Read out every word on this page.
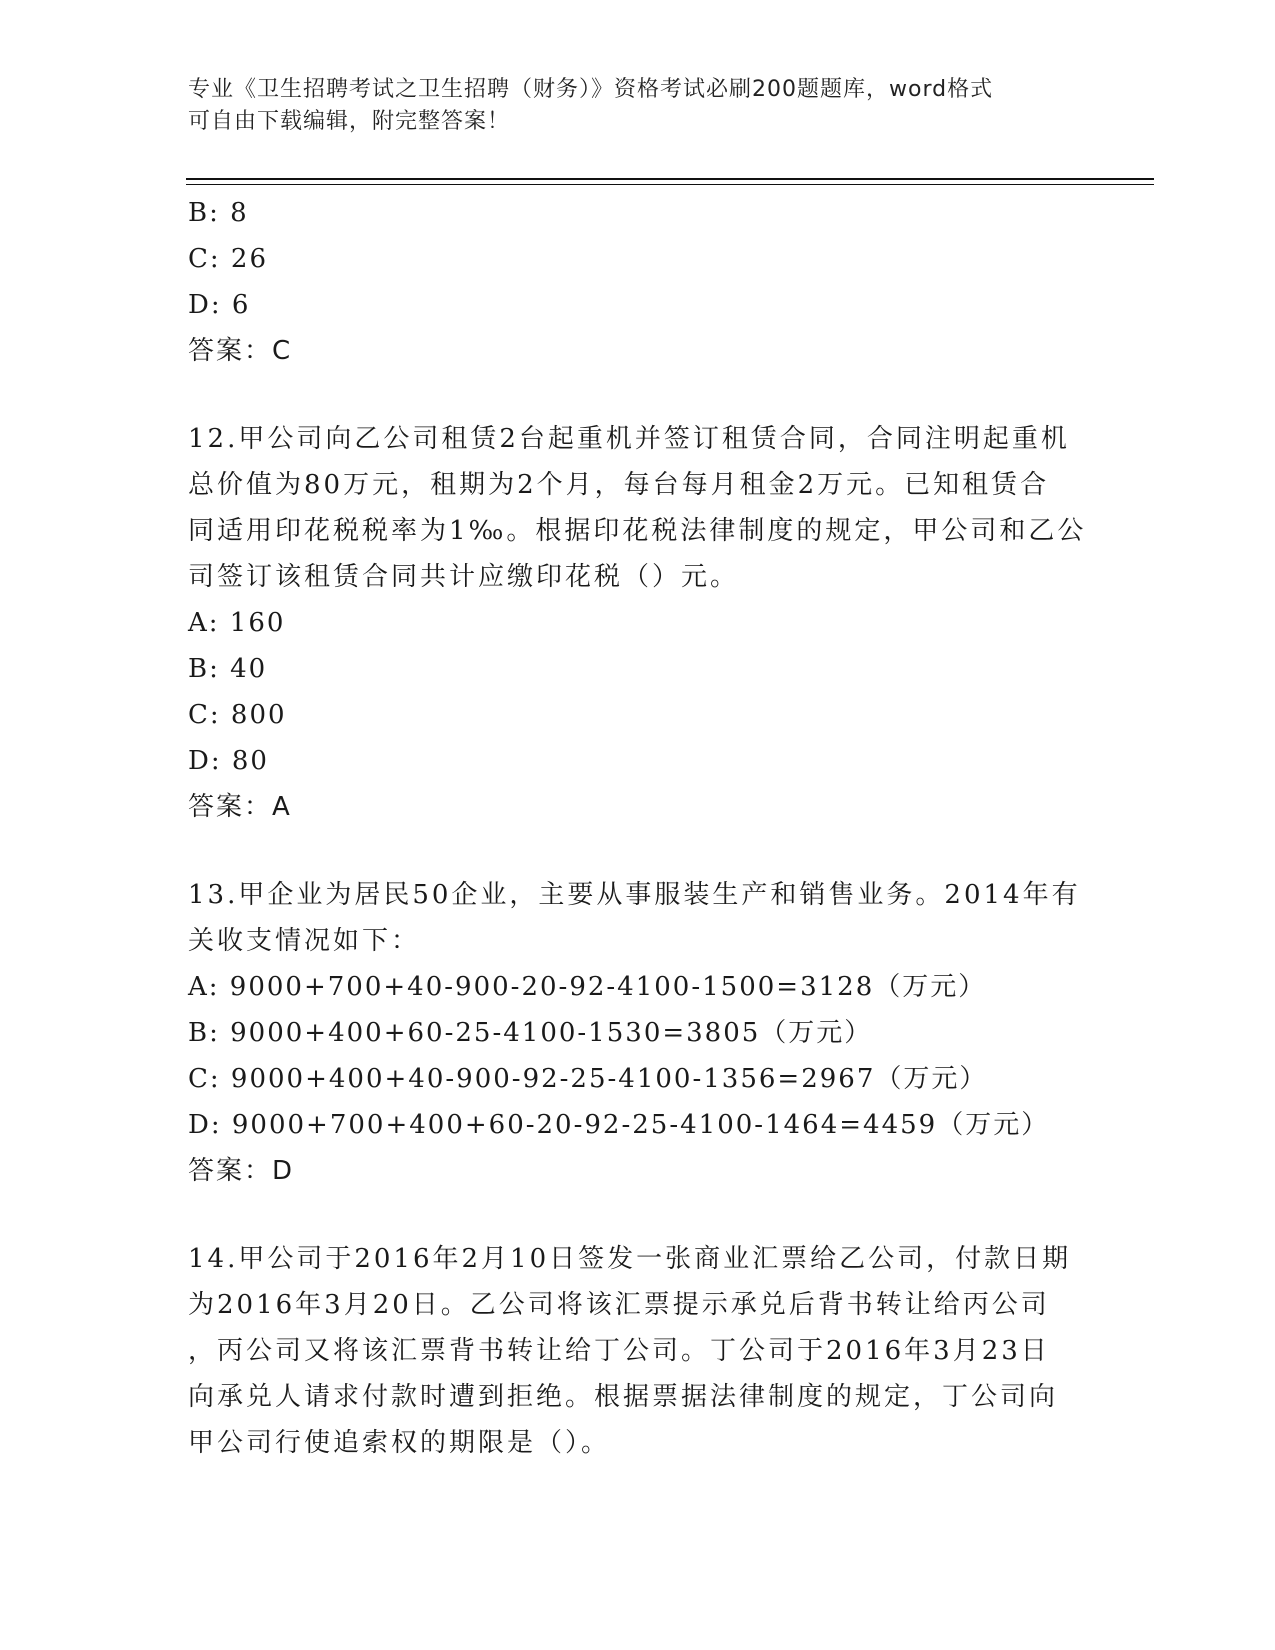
专业《卫生招聘考试之卫生招聘（财务）》资格考试必刷200题题库，word格式
可自由下载编辑，附完整答案！
B: 8
C: 26
D: 6
答案：C
12.甲公司向乙公司租赁2台起重机并签订租赁合同，合同注明起重机
总价值为80万元，租期为2个月，每台每月租金2万元。已知租赁合
同适用印花税税率为1‰。根据印花税法律制度的规定，甲公司和乙公
司签订该租赁合同共计应缴印花税（）元。
A: 160
B: 40
C: 800
D: 80
答案：A
13.甲企业为居民50企业，主要从事服装生产和销售业务。2014年有
关收支情况如下：
A: 9000+700+40-900-20-92-4100-1500=3128（万元）
B: 9000+400+60-25-4100-1530=3805（万元）
C: 9000+400+40-900-92-25-4100-1356=2967（万元）
D: 9000+700+400+60-20-92-25-4100-1464=4459（万元）
答案：D
14.甲公司于2016年2月10日签发一张商业汇票给乙公司，付款日期
为2016年3月20日。乙公司将该汇票提示承兑后背书转让给丙公司
，丙公司又将该汇票背书转让给丁公司。丁公司于2016年3月23日
向承兑人请求付款时遭到拒绝。根据票据法律制度的规定，丁公司向
甲公司行使追索权的期限是（）。
